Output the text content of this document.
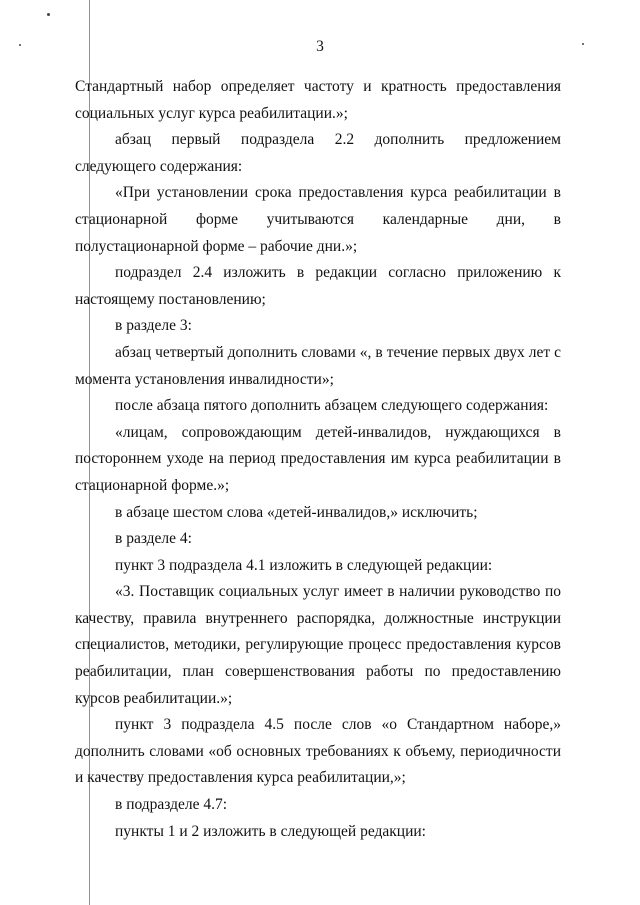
3

Стандартный набор определяет частоту и кратность предоставления социальных услуг курса реабилитации.»;

абзац первый подраздела 2.2 дополнить предложением следующего содержания:

«При установлении срока предоставления курса реабилитации в стационарной форме учитываются календарные дни, в полустационарной форме – рабочие дни.»;

подраздел 2.4 изложить в редакции согласно приложению к настоящему постановлению;

в разделе 3:

абзац четвертый дополнить словами «, в течение первых двух лет с момента установления инвалидности»;

после абзаца пятого дополнить абзацем следующего содержания:

«лицам, сопровождающим детей-инвалидов, нуждающихся в постороннем уходе на период предоставления им курса реабилитации в стационарной форме.»;

в абзаце шестом слова «детей-инвалидов,» исключить;

в разделе 4:

пункт 3 подраздела 4.1 изложить в следующей редакции:

«3. Поставщик социальных услуг имеет в наличии руководство по качеству, правила внутреннего распорядка, должностные инструкции специалистов, методики, регулирующие процесс предоставления курсов реабилитации, план совершенствования работы по предоставлению курсов реабилитации.»;

пункт 3 подраздела 4.5 после слов «о Стандартном наборе,» дополнить словами «об основных требованиях к объему, периодичности и качеству предоставления курса реабилитации,»;

в подразделе 4.7:

пункты 1 и 2 изложить в следующей редакции:
